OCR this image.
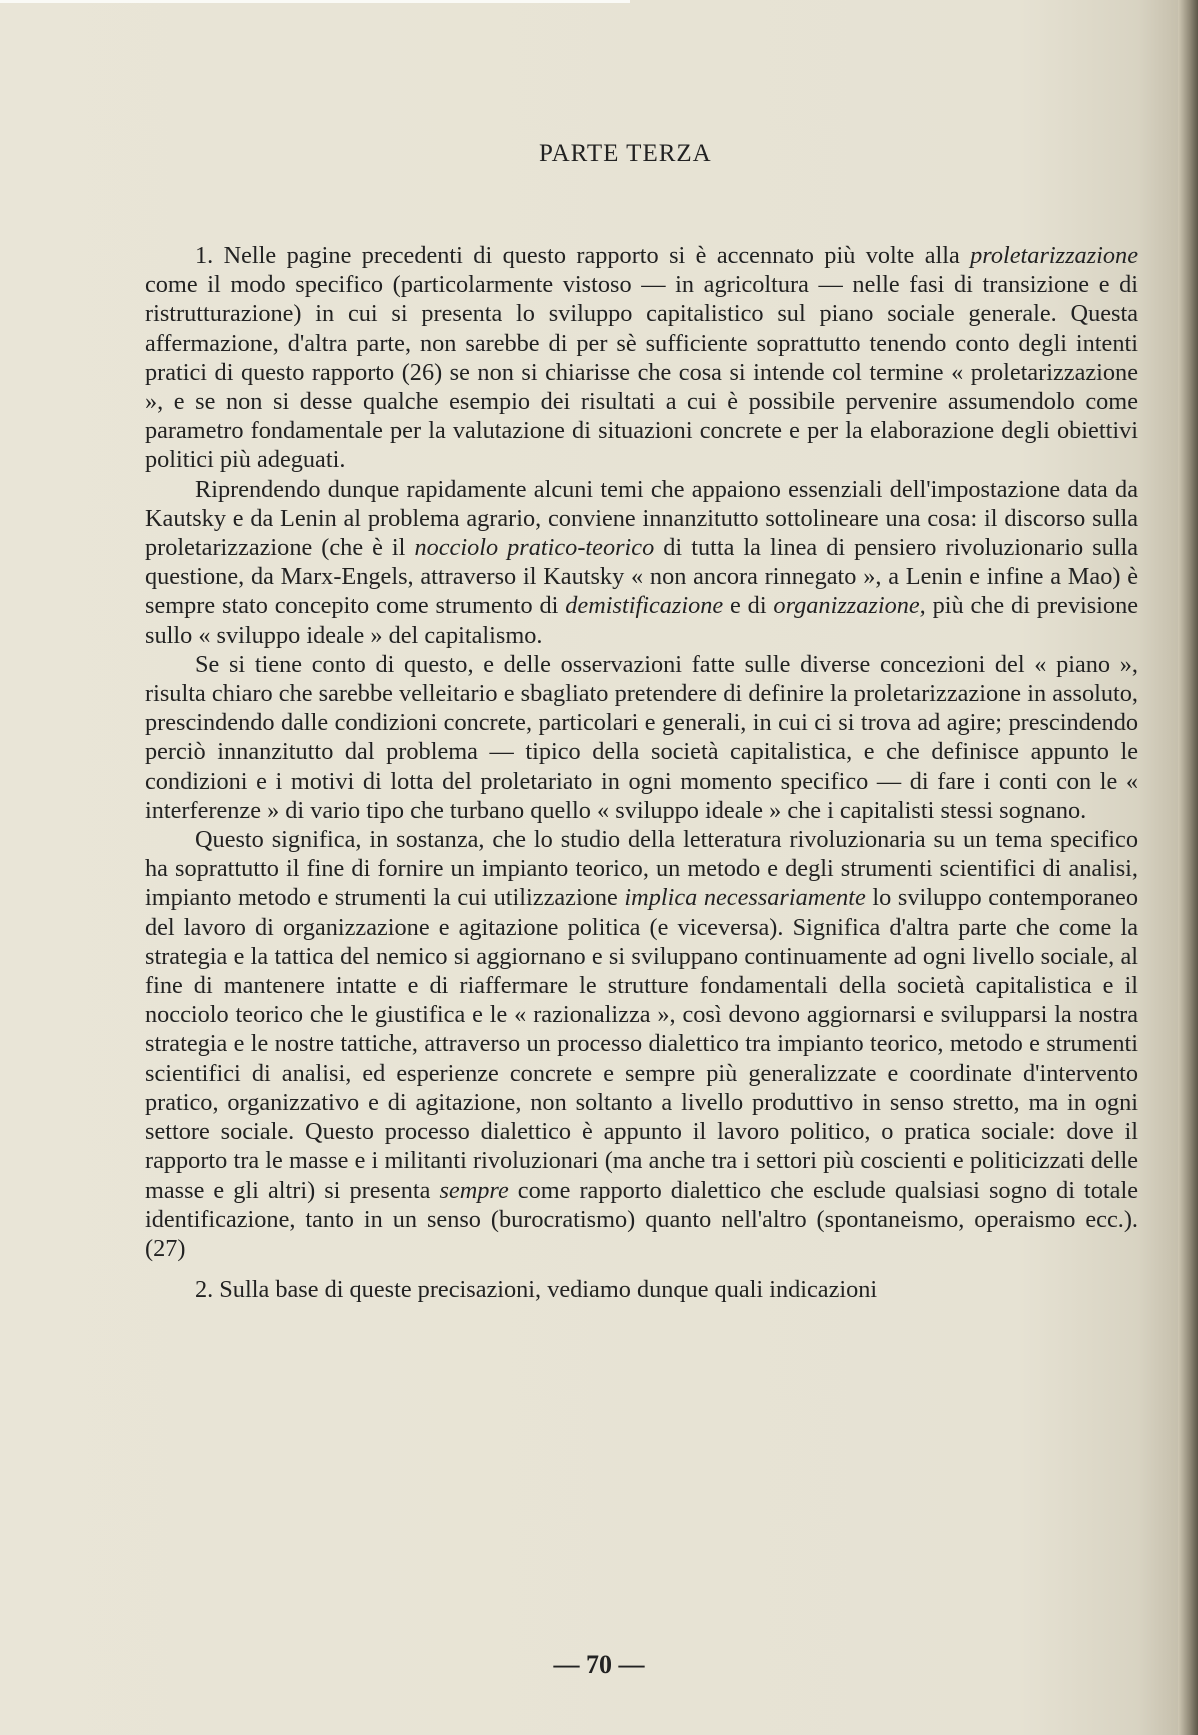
PARTE TERZA

1. Nelle pagine precedenti di questo rapporto si è accennato più volte alla proletarizzazione come il modo specifico (particolarmente vistoso — in agricoltura — nelle fasi di transizione e di ristrutturazione) in cui si presenta lo sviluppo capitalistico sul piano sociale generale. Questa affermazione, d'altra parte, non sarebbe di per sè sufficiente soprattutto tenendo conto degli intenti pratici di questo rapporto (26) se non si chiarisse che cosa si intende col termine « proletarizzazione », e se non si desse qualche esempio dei risultati a cui è possibile pervenire assumendolo come parametro fondamentale per la valutazione di situazioni concrete e per la elaborazione degli obiettivi politici più adeguati.

Riprendendo dunque rapidamente alcuni temi che appaiono essenziali dell'impostazione data da Kautsky e da Lenin al problema agrario, conviene innanzitutto sottolineare una cosa: il discorso sulla proletarizzazione (che è il nocciolo pratico-teorico di tutta la linea di pensiero rivoluzionario sulla questione, da Marx-Engels, attraverso il Kautsky « non ancora rinnegato », a Lenin e infine a Mao) è sempre stato concepito come strumento di demistificazione e di organizzazione, più che di previsione sullo « sviluppo ideale » del capitalismo.

Se si tiene conto di questo, e delle osservazioni fatte sulle diverse concezioni del « piano », risulta chiaro che sarebbe velleitario e sbagliato pretendere di definire la proletarizzazione in assoluto, prescindendo dalle condizioni concrete, particolari e generali, in cui ci si trova ad agire; prescindendo perciò innanzitutto dal problema — tipico della società capitalistica, e che definisce appunto le condizioni e i motivi di lotta del proletariato in ogni momento specifico — di fare i conti con le « interferenze » di vario tipo che turbano quello « sviluppo ideale » che i capitalisti stessi sognano.

Questo significa, in sostanza, che lo studio della letteratura rivoluzionaria su un tema specifico ha soprattutto il fine di fornire un impianto teorico, un metodo e degli strumenti scientifici di analisi, impianto metodo e strumenti la cui utilizzazione implica necessariamente lo sviluppo contemporaneo del lavoro di organizzazione e agitazione politica (e viceversa). Significa d'altra parte che come la strategia e la tattica del nemico si aggiornano e si sviluppano continuamente ad ogni livello sociale, al fine di mantenere intatte e di riaffermare le strutture fondamentali della società capitalistica e il nocciolo teorico che le giustifica e le « razionalizza », così devono aggiornarsi e svilupparsi la nostra strategia e le nostre tattiche, attraverso un processo dialettico tra impianto teorico, metodo e strumenti scientifici di analisi, ed esperienze concrete e sempre più generalizzate e coordinate d'intervento pratico, organizzativo e di agitazione, non soltanto a livello produttivo in senso stretto, ma in ogni settore sociale. Questo processo dialettico è appunto il lavoro politico, o pratica sociale: dove il rapporto tra le masse e i militanti rivoluzionari (ma anche tra i settori più coscienti e politicizzati delle masse e gli altri) si presenta sempre come rapporto dialettico che esclude qualsiasi sogno di totale identificazione, tanto in un senso (burocratismo) quanto nell'altro (spontaneismo, operaismo ecc.). (27)

2. Sulla base di queste precisazioni, vediamo dunque quali indicazioni

— 70 —
